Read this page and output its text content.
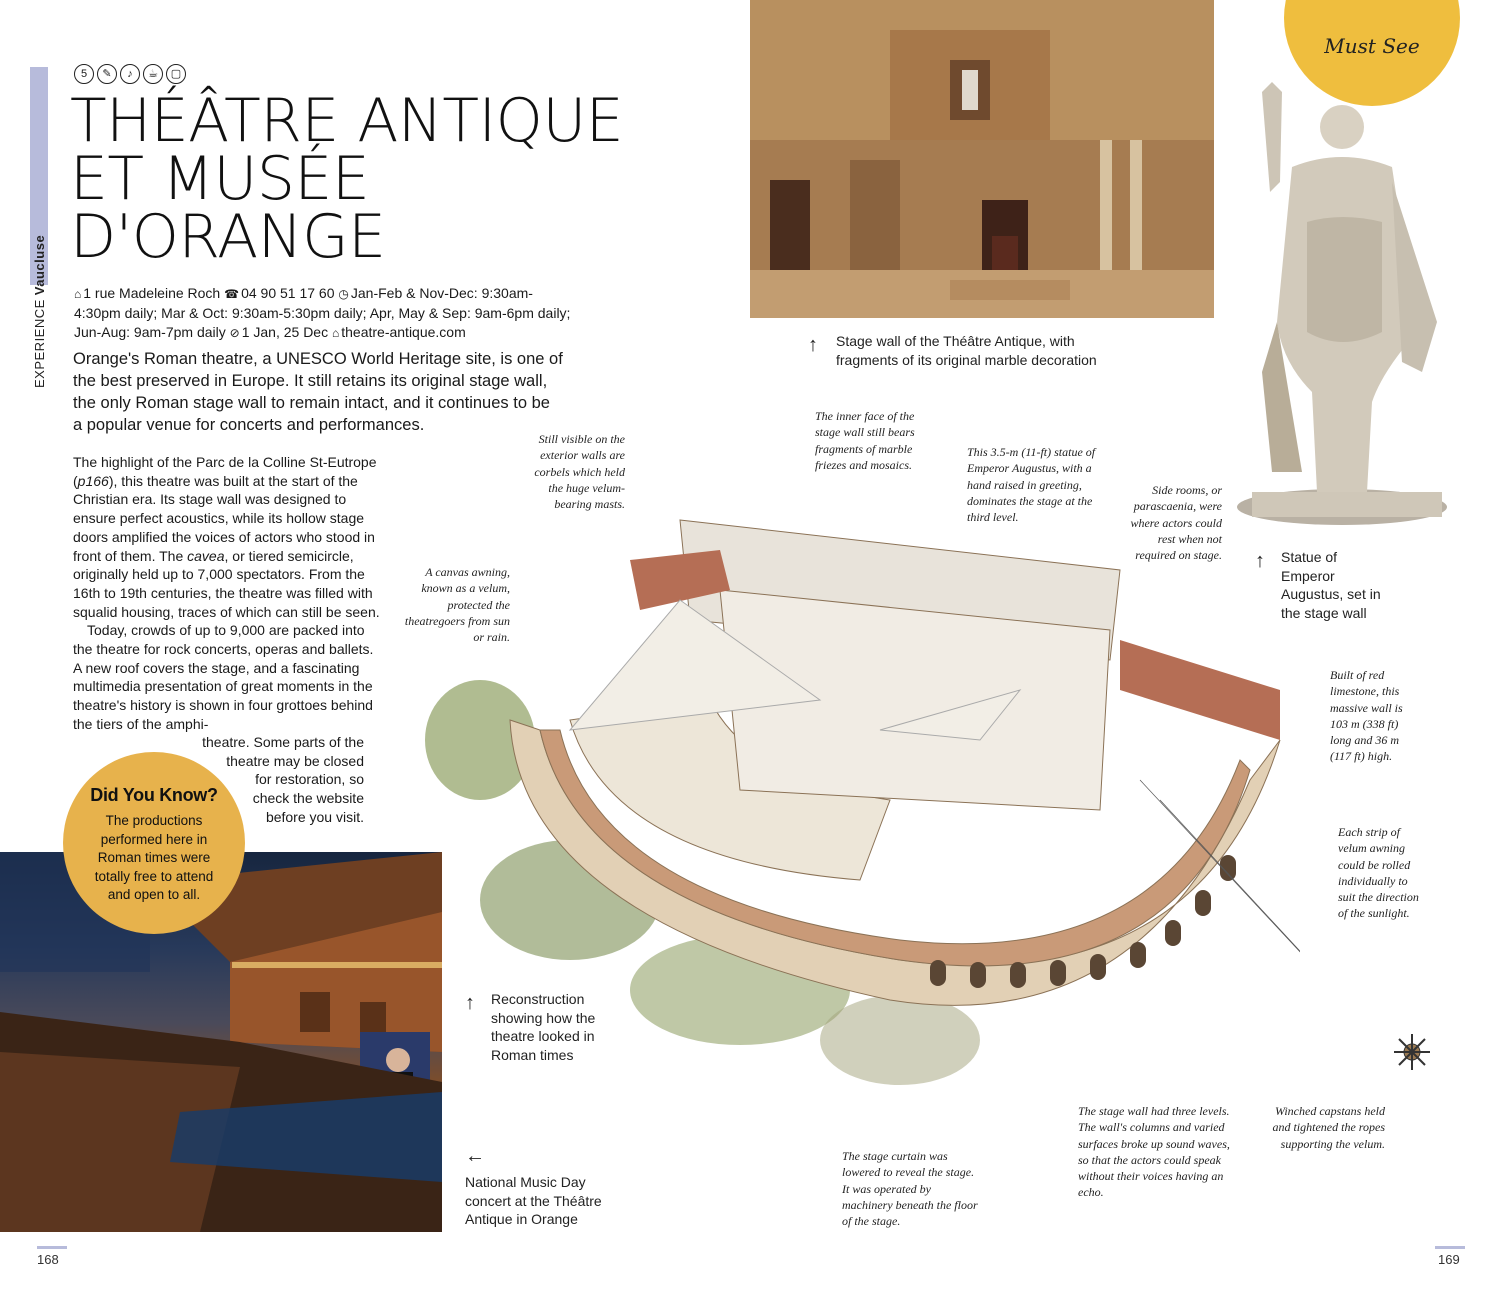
EXPERIENCEVaucluse
5	✎	♪	☕	▢
THÉÂTRE ANTIQUE
ET MUSÉE
D'ORANGE
⌂ 1 rue Madeleine Roch ☎ 04 90 51 17 60 ◷ Jan-Feb & Nov-Dec: 9:30am-4:30pm daily; Mar & Oct: 9:30am-5:30pm daily; Apr, May & Sep: 9am-6pm daily; Jun-Aug: 9am-7pm daily ⊘ 1 Jan, 25 Dec ⌂ theatre-antique.com

Orange's Roman theatre, a UNESCO World Heritage site, is one of the best preserved in Europe. It still retains its original stage wall, the only Roman stage wall to remain intact, and it continues to be a popular venue for concerts and performances.

The highlight of the Parc de la Colline St-Eutrope (p166), this theatre was built at the start of the Christian era. Its stage wall was designed to ensure perfect acoustics, while its hollow stage doors amplified the voices of actors who stood in front of them. The cavea, or tiered semicircle, originally held up to 7,000 spectators. From the 16th to 19th centuries, the theatre was filled with squalid housing, traces of which can still be seen.

Today, crowds of up to 9,000 are packed into the theatre for rock concerts, operas and ballets. A new roof covers the stage, and a fascinating multimedia presentation of great moments in the theatre's history is shown in four grottoes behind the tiers of the amphi-

theatre. Some parts of the
theatre may be closed
for restoration, so
check the website
before you visit.
Did You Know?

The productions performed here in Roman times were totally free to attend and open to all.

←
National Music Day concert at the Théâtre Antique in Orange
↑	Reconstruction showing how the theatre looked in Roman times
168
↑	Stage wall of the Théâtre Antique, with fragments of its original marble decoration
Must See
↑	Statue of Emperor Augustus, set in the stage wall
Still visible on the exterior walls are corbels which held the huge velum-bearing masts.
The inner face of the stage wall still bears fragments of marble friezes and mosaics.
This 3.5-m (11-ft) statue of Emperor Augustus, with a hand raised in greeting, dominates the stage at the third level.
Side rooms, or parascaenia, were where actors could rest when not required on stage.
A canvas awning, known as a velum, protected the theatregoers from sun or rain.
Built of red limestone, this massive wall is 103 m (338 ft) long and 36 m (117 ft) high.
Each strip of velum awning could be rolled individually to suit the direction of the sunlight.
The stage curtain was lowered to reveal the stage. It was operated by machinery beneath the floor of the stage.
The stage wall had three levels. The wall's columns and varied surfaces broke up sound waves, so that the actors could speak without their voices having an echo.
Winched capstans held and tightened the ropes supporting the velum.
169
